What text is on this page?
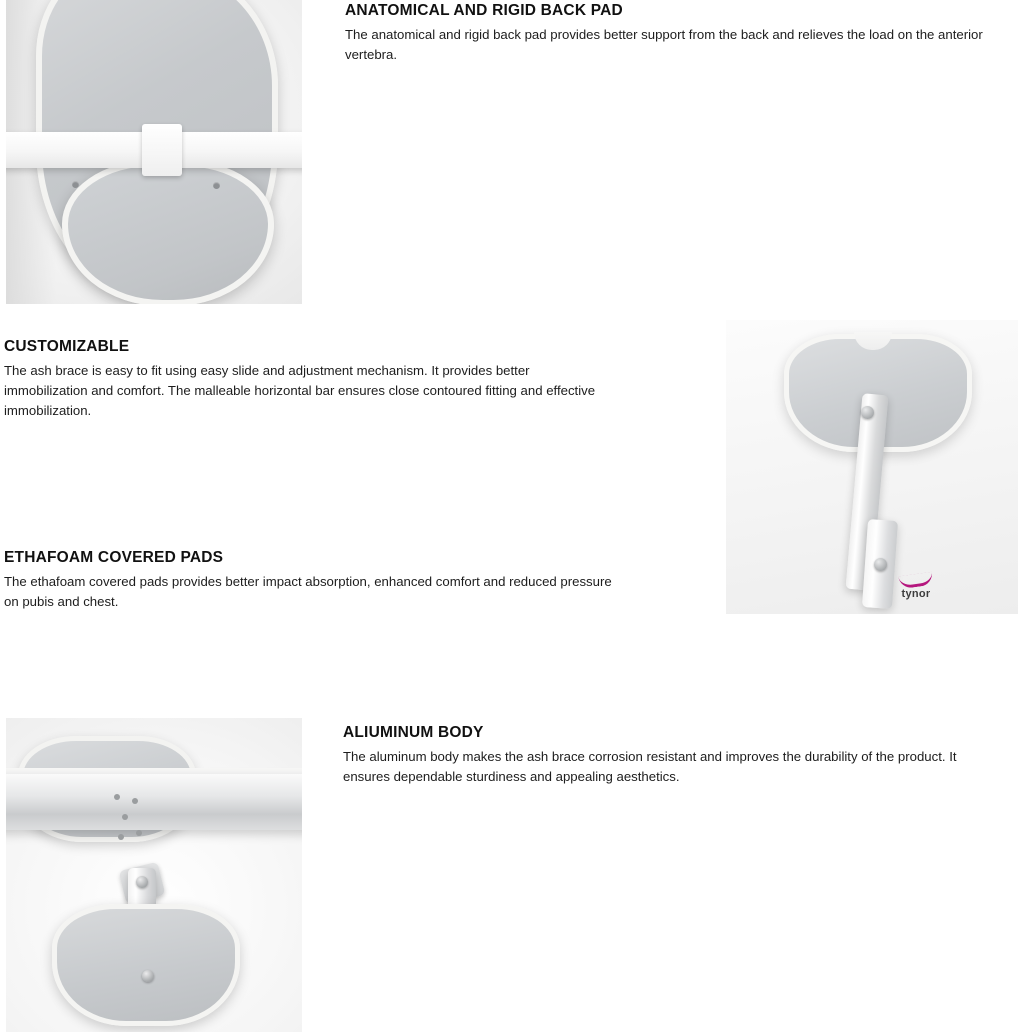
ANATOMICAL AND RIGID BACK PAD

The anatomical and rigid back pad provides better support from the back and relieves the load on the anterior vertebra.

CUSTOMIZABLE

The ash brace is easy to fit using easy slide and adjustment mechanism. It provides better immobilization and comfort. The malleable horizontal bar ensures close contoured fitting and effective immobilization.

tynor
ETHAFOAM COVERED PADS

The ethafoam covered pads provides better impact absorption, enhanced comfort and reduced pressure on pubis and chest.

ALIUMINUM BODY

The aluminum body makes the ash brace corrosion resistant and improves the durability of the product. It ensures dependable sturdiness and appealing aesthetics.
